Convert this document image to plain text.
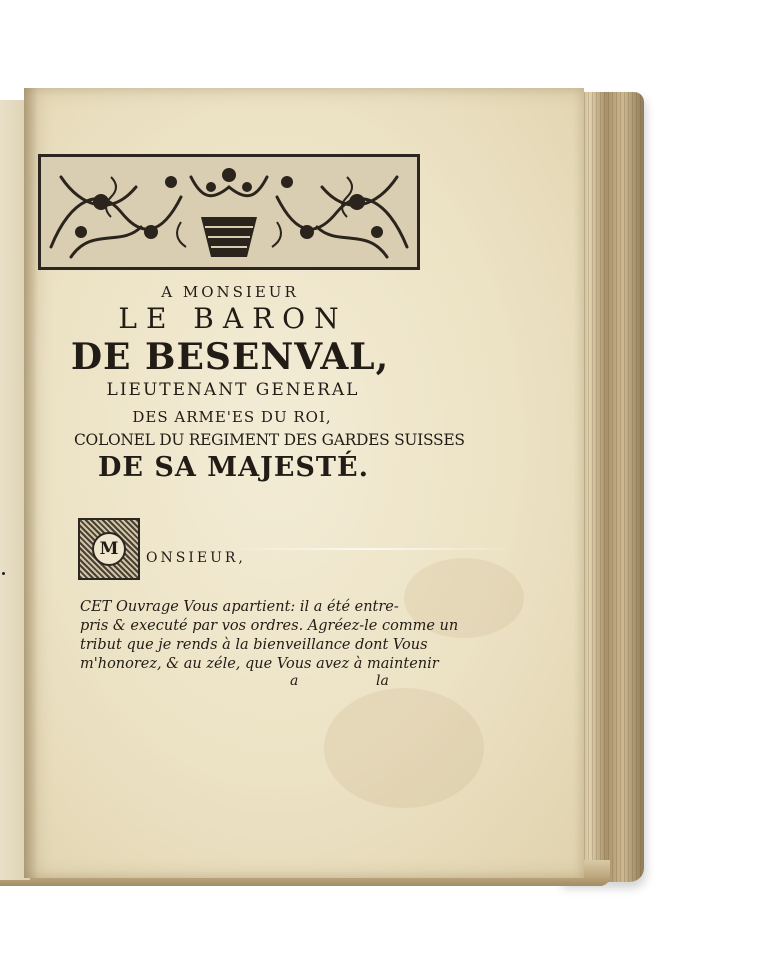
A MONSIEUR
LE BARON
DE BESENVAL,
LIEUTENANT GENERAL
DES ARME'ES DU ROI,
COLONEL DU REGIMENT DES GARDES SUISSES
DE SA MAJESTÉ.
M	ONSIEUR,
CET Ouvrage Vous apartient: il a été entre-
pris & executé par vos ordres. Agréez-le comme un
tribut que je rends à la bienveillance dont Vous
m'honorez, & au zéle, que Vous avez à maintenir
a	la
